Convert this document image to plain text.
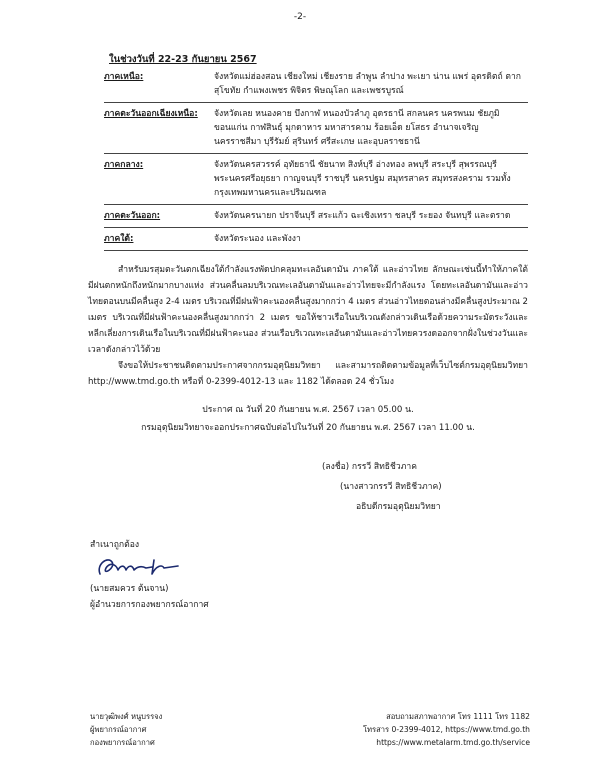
-2-
ในช่วงวันที่ 22-23 กันยายน 2567
ภาคเหนือ:	จังหวัดแม่ฮ่องสอน เชียงใหม่ เชียงราย ลำพูน ลำปาง พะเยา น่าน แพร่ อุตรดิตถ์ ตาก สุโขทัย กำแพงเพชร พิจิตร พิษณุโลก และเพชรบูรณ์
ภาคตะวันออกเฉียงเหนือ:	จังหวัดเลย หนองคาย บึงกาฬ หนองบัวลำภู อุดรธานี สกลนคร นครพนม ชัยภูมิ ขอนแก่น กาฬสินธุ์ มุกดาหาร มหาสารคาม ร้อยเอ็ด ยโสธร อำนาจเจริญ นครราชสีมา บุรีรัมย์ สุรินทร์ ศรีสะเกษ และอุบลราชธานี
ภาคกลาง:	จังหวัดนครสวรรค์ อุทัยธานี ชัยนาท สิงห์บุรี อ่างทอง ลพบุรี สระบุรี สุพรรณบุรี พระนครศรีอยุธยา กาญจนบุรี ราชบุรี นครปฐม สมุทรสาคร สมุทรสงคราม รวมทั้ง กรุงเทพมหานครและปริมณฑล
ภาคตะวันออก:	จังหวัดนครนายก ปราจีนบุรี สระแก้ว ฉะเชิงเทรา ชลบุรี ระยอง จันทบุรี และตราด
ภาคใต้:	จังหวัดระนอง และพังงา
สำหรับมรสุมตะวันตกเฉียงใต้กำลังแรงพัดปกคลุมทะเลอันดามัน ภาคใต้ และอ่าวไทย ลักษณะเช่นนี้ทำให้ภาคใต้มีฝนตกหนักถึงหนักมากบางแห่ง ส่วนคลื่นลมบริเวณทะเลอันดามันและอ่าวไทยจะมีกำลังแรง โดยทะเลอันดามันและอ่าวไทยตอนบนมีคลื่นสูง 2-4 เมตร บริเวณที่มีฝนฟ้าคะนองคลื่นสูงมากกว่า 4 เมตร ส่วนอ่าวไทยตอนล่างมีคลื่นสูงประมาณ 2 เมตร บริเวณที่มีฝนฟ้าคะนองคลื่นสูงมากกว่า 2 เมตร ขอให้ชาวเรือในบริเวณดังกล่าวเดินเรือด้วยความระมัดระวังและหลีกเลี่ยงการเดินเรือในบริเวณที่มีฝนฟ้าคะนอง ส่วนเรือบริเวณทะเลอันดามันและอ่าวไทยควรงดออกจากฝั่งในช่วงวันและเวลาดังกล่าวไว้ด้วย
จึงขอให้ประชาชนติดตามประกาศจากกรมอุตุนิยมวิทยา และสามารถติดตามข้อมูลที่เว็บไซต์กรมอุตุนิยมวิทยา http://www.tmd.go.th หรือที่ 0-2399-4012-13 และ 1182 ได้ตลอด 24 ชั่วโมง
ประกาศ ณ วันที่ 20 กันยายน พ.ศ. 2567 เวลา 05.00 น.
กรมอุตุนิยมวิทยาจะออกประกาศฉบับต่อไปในวันที่ 20 กันยายน พ.ศ. 2567 เวลา 11.00 น.
(ลงชื่อ) กรรวี สิทธิชีวภาค
(นางสาวกรรวี สิทธิชีวภาค)
อธิบดีกรมอุตุนิยมวิทยา
สำเนาถูกต้อง
(นายสมควร ต้นจาน)
ผู้อำนวยการกองพยากรณ์อากาศ
นายวุฒิพงศ์ หนูบรรจง
ผู้พยากรณ์อากาศ
กองพยากรณ์อากาศ
สอบถามสภาพอากาศ โทร 1111 โทร 1182
โทรสาร 0-2399-4012, https://www.tmd.go.th
https://www.metalarm.tmd.go.th/service
